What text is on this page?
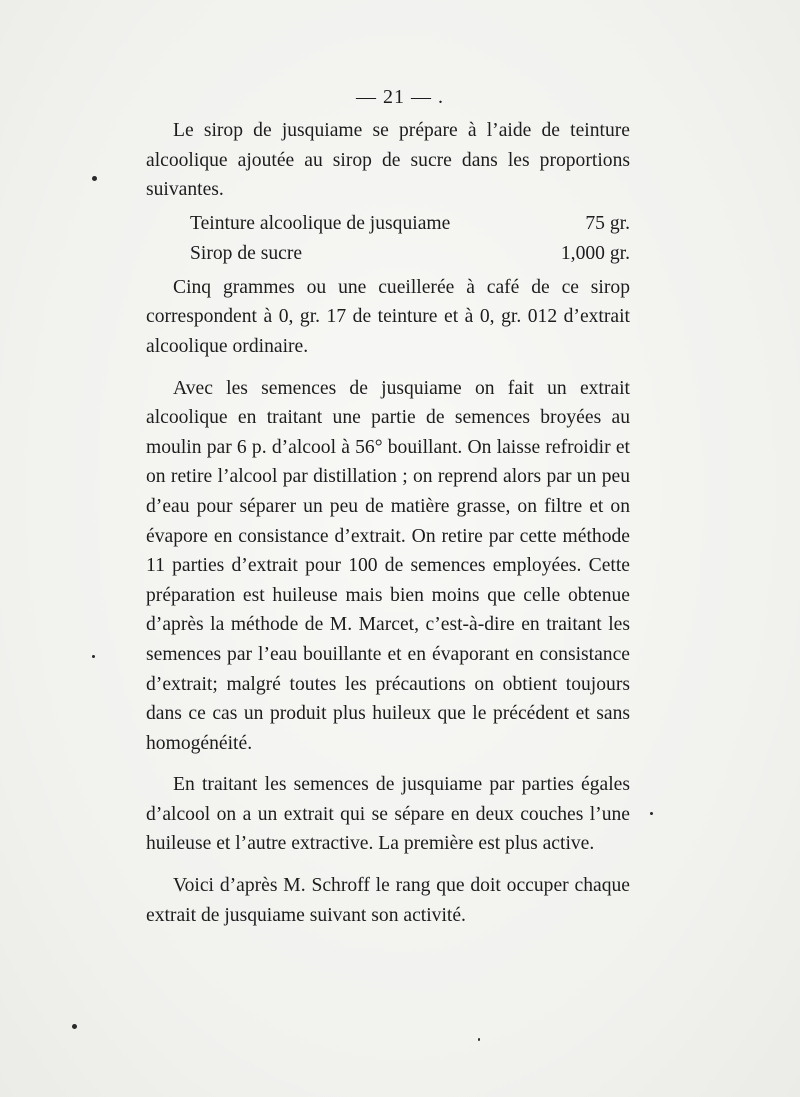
— 21 — .

Le sirop de jusquiame se prépare à l’aide de teinture alcoolique ajoutée au sirop de sucre dans les proportions suivantes.

Teinture alcoolique de jusquiame	75 gr.
Sirop de sucre	1,000 gr.

Cinq grammes ou une cueillerée à café de ce sirop correspondent à 0, gr. 17 de teinture et à 0, gr. 012 d’extrait alcoolique ordinaire.

Avec les semences de jusquiame on fait un extrait alcoolique en traitant une partie de semences broyées au moulin par 6 p. d’alcool à 56° bouillant. On laisse refroidir et on retire l’alcool par distillation ; on reprend alors par un peu d’eau pour séparer un peu de matière grasse, on filtre et on évapore en consistance d’extrait. On retire par cette méthode 11 parties d’extrait pour 100 de semences employées. Cette préparation est huileuse mais bien moins que celle obtenue d’après la méthode de M. Marcet, c’est-à-dire en traitant les semences par l’eau bouillante et en évaporant en consistance d’extrait; malgré toutes les précautions on obtient toujours dans ce cas un produit plus huileux que le précédent et sans homogénéité.

En traitant les semences de jusquiame par parties égales d’alcool on a un extrait qui se sépare en deux couches l’une huileuse et l’autre extractive. La première est plus active.

Voici d’après M. Schroff le rang que doit occuper chaque extrait de jusquiame suivant son activité.
